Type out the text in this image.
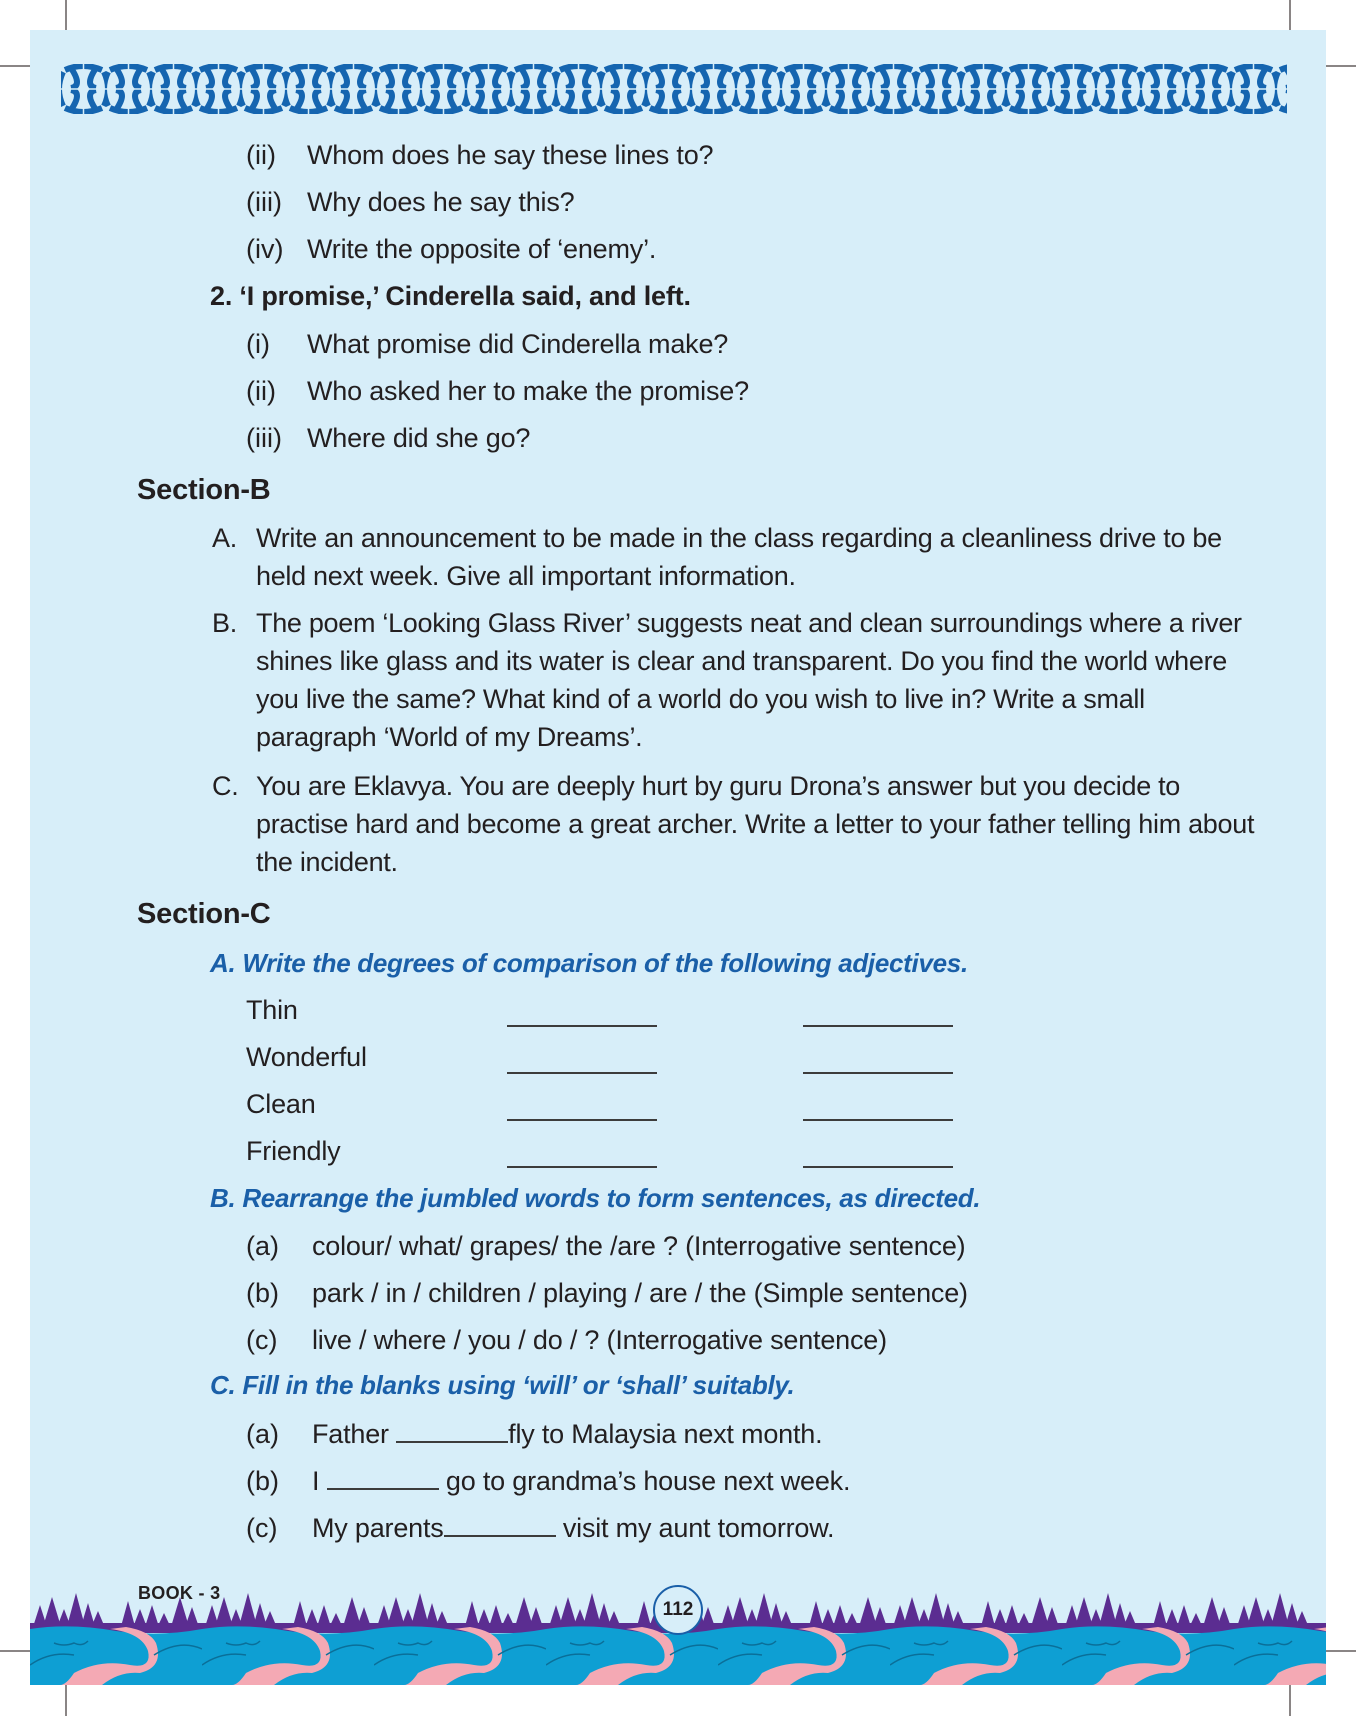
(ii) Whom does he say these lines to?
(iii) Why does he say this?
(iv) Write the opposite of ‘enemy’.
2. ‘I promise,’ Cinderella said, and left.
(i) What promise did Cinderella make?
(ii) Who asked her to make the promise?
(iii) Where did she go?
Section-B
A. Write an announcement to be made in the class regarding a cleanliness drive to be held next week. Give all important information.
B. The poem ‘Looking Glass River’ suggests neat and clean surroundings where a river shines like glass and its water is clear and transparent. Do you find the world where you live the same? What kind of a world do you wish to live in? Write a small paragraph ‘World of my Dreams’.
C. You are Eklavya. You are deeply hurt by guru Drona’s answer but you decide to practise hard and become a great archer. Write a letter to your father telling him about the incident.
Section-C
A. Write the degrees of comparison of the following adjectives.
Thin
Wonderful
Clean
Friendly
B. Rearrange the jumbled words to form sentences, as directed.
(a) colour/ what/ grapes/ the /are ? (Interrogative sentence)
(b) park / in / children / playing / are / the (Simple sentence)
(c) live / where / you / do / ? (Interrogative sentence)
C. Fill in the blanks using ‘will’ or ‘shall’ suitably.
(a) Father	fly to Malaysia next month.
(b) I	go to grandma’s house next week.
(c) My parents	visit my aunt tomorrow.
BOOK - 3
112
